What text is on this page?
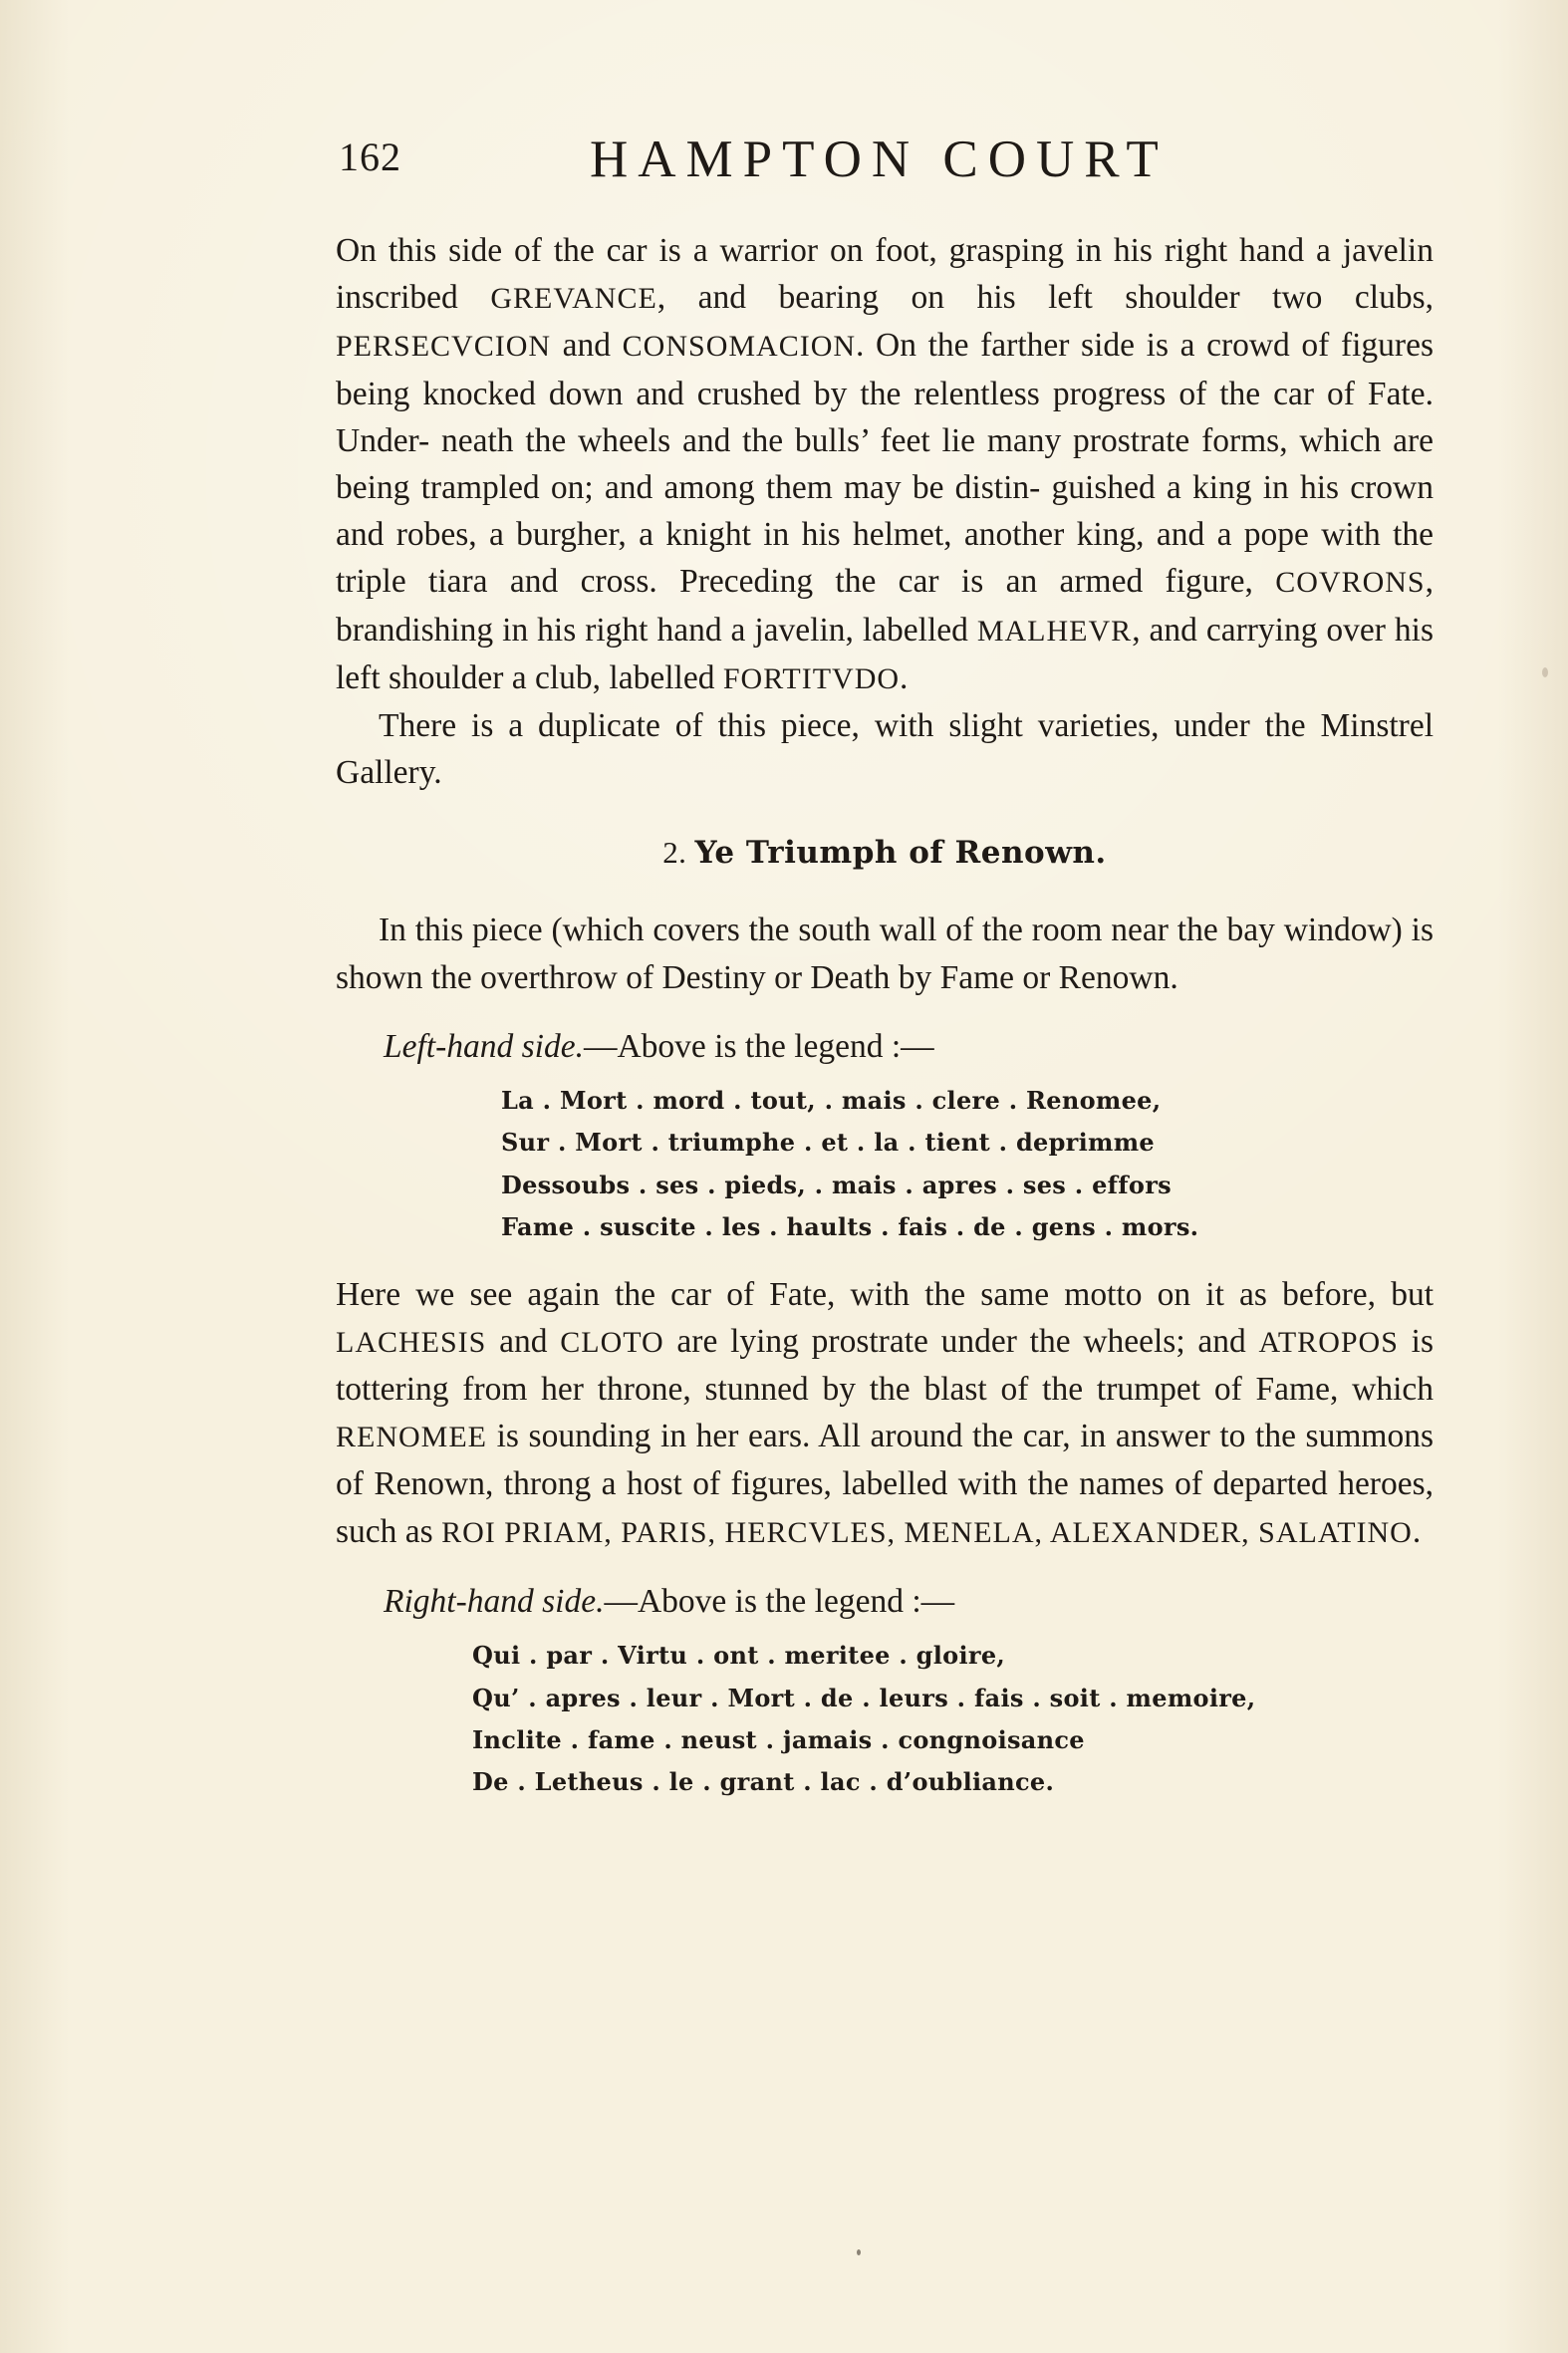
162	HAMPTON COURT

On this side of the car is a warrior on foot, grasping in his right hand a javelin inscribed GREVANCE, and bearing on his left shoulder two clubs, PERSECVCION and CONSOMACION. On the farther side is a crowd of figures being knocked down and crushed by the relentless progress of the car of Fate. Under- neath the wheels and the bulls’ feet lie many prostrate forms, which are being trampled on; and among them may be distin- guished a king in his crown and robes, a burgher, a knight in his helmet, another king, and a pope with the triple tiara and cross. Preceding the car is an armed figure, COVRONS, brandishing in his right hand a javelin, labelled MALHEVR, and carrying over his left shoulder a club, labelled FORTITVDO.

There is a duplicate of this piece, with slight varieties, under the Minstrel Gallery.

2. Ye Triumph of Renown.

In this piece (which covers the south wall of the room near the bay window) is shown the overthrow of Destiny or Death by Fame or Renown.

Left-hand side.—Above is the legend :—

La . Mort . mord . tout, . mais . clere . Renomee,

Sur . Mort . triumphe . et . la . tient . deprimme

Dessoubs . ses . pieds, . mais . apres . ses . effors

Fame . suscite . les . haults . fais . de . gens . mors.

Here we see again the car of Fate, with the same motto on it as before, but LACHESIS and CLOTO are lying prostrate under the wheels; and ATROPOS is tottering from her throne, stunned by the blast of the trumpet of Fame, which RENOMEE is sounding in her ears. All around the car, in answer to the summons of Renown, throng a host of figures, labelled with the names of departed heroes, such as ROI PRIAM, PARIS, HERCVLES, MENELA, ALEXANDER, SALATINO.

Right-hand side.—Above is the legend :—

Qui . par . Virtu . ont . meritee . gloire,

Qu’ . apres . leur . Mort . de . leurs . fais . soit . memoire,

Inclite . fame . neust . jamais . congnoisance

De . Letheus . le . grant . lac . d’oubliance.
